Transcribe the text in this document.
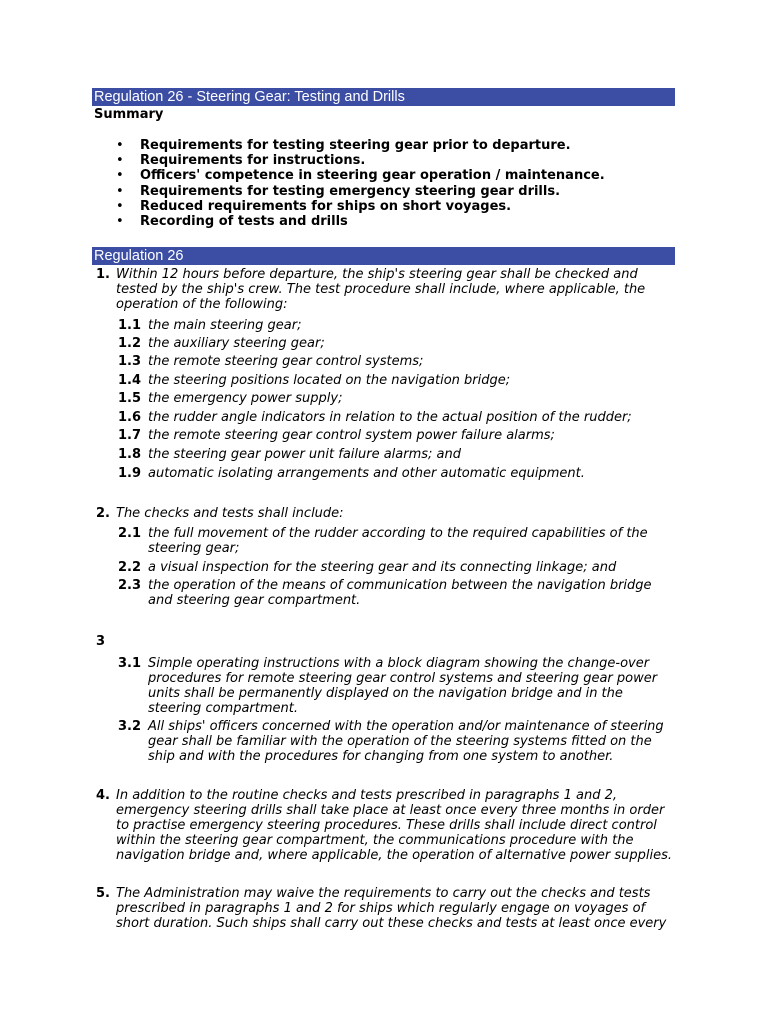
Regulation 26 - Steering Gear: Testing and Drills
Summary
• Requirements for testing steering gear prior to departure.
• Requirements for instructions.
• Officers' competence in steering gear operation / maintenance.
• Requirements for testing emergency steering gear drills.
• Reduced requirements for ships on short voyages.
• Recording of tests and drills
Regulation 26
1. Within 12 hours before departure, the ship's steering gear shall be checked and tested by the ship's crew. The test procedure shall include, where applicable, the operation of the following:
1.1 the main steering gear;
1.2 the auxiliary steering gear;
1.3 the remote steering gear control systems;
1.4 the steering positions located on the navigation bridge;
1.5 the emergency power supply;
1.6 the rudder angle indicators in relation to the actual position of the rudder;
1.7 the remote steering gear control system power failure alarms;
1.8 the steering gear power unit failure alarms; and
1.9 automatic isolating arrangements and other automatic equipment.
2. The checks and tests shall include:
2.1 the full movement of the rudder according to the required capabilities of the steering gear;
2.2 a visual inspection for the steering gear and its connecting linkage; and
2.3 the operation of the means of communication between the navigation bridge and steering gear compartment.
3
3.1 Simple operating instructions with a block diagram showing the change-over procedures for remote steering gear control systems and steering gear power units shall be permanently displayed on the navigation bridge and in the steering compartment.
3.2 All ships' officers concerned with the operation and/or maintenance of steering gear shall be familiar with the operation of the steering systems fitted on the ship and with the procedures for changing from one system to another.
4. In addition to the routine checks and tests prescribed in paragraphs 1 and 2, emergency steering drills shall take place at least once every three months in order to practise emergency steering procedures. These drills shall include direct control within the steering gear compartment, the communications procedure with the navigation bridge and, where applicable, the operation of alternative power supplies.
5. The Administration may waive the requirements to carry out the checks and tests prescribed in paragraphs 1 and 2 for ships which regularly engage on voyages of short duration. Such ships shall carry out these checks and tests at least once every
